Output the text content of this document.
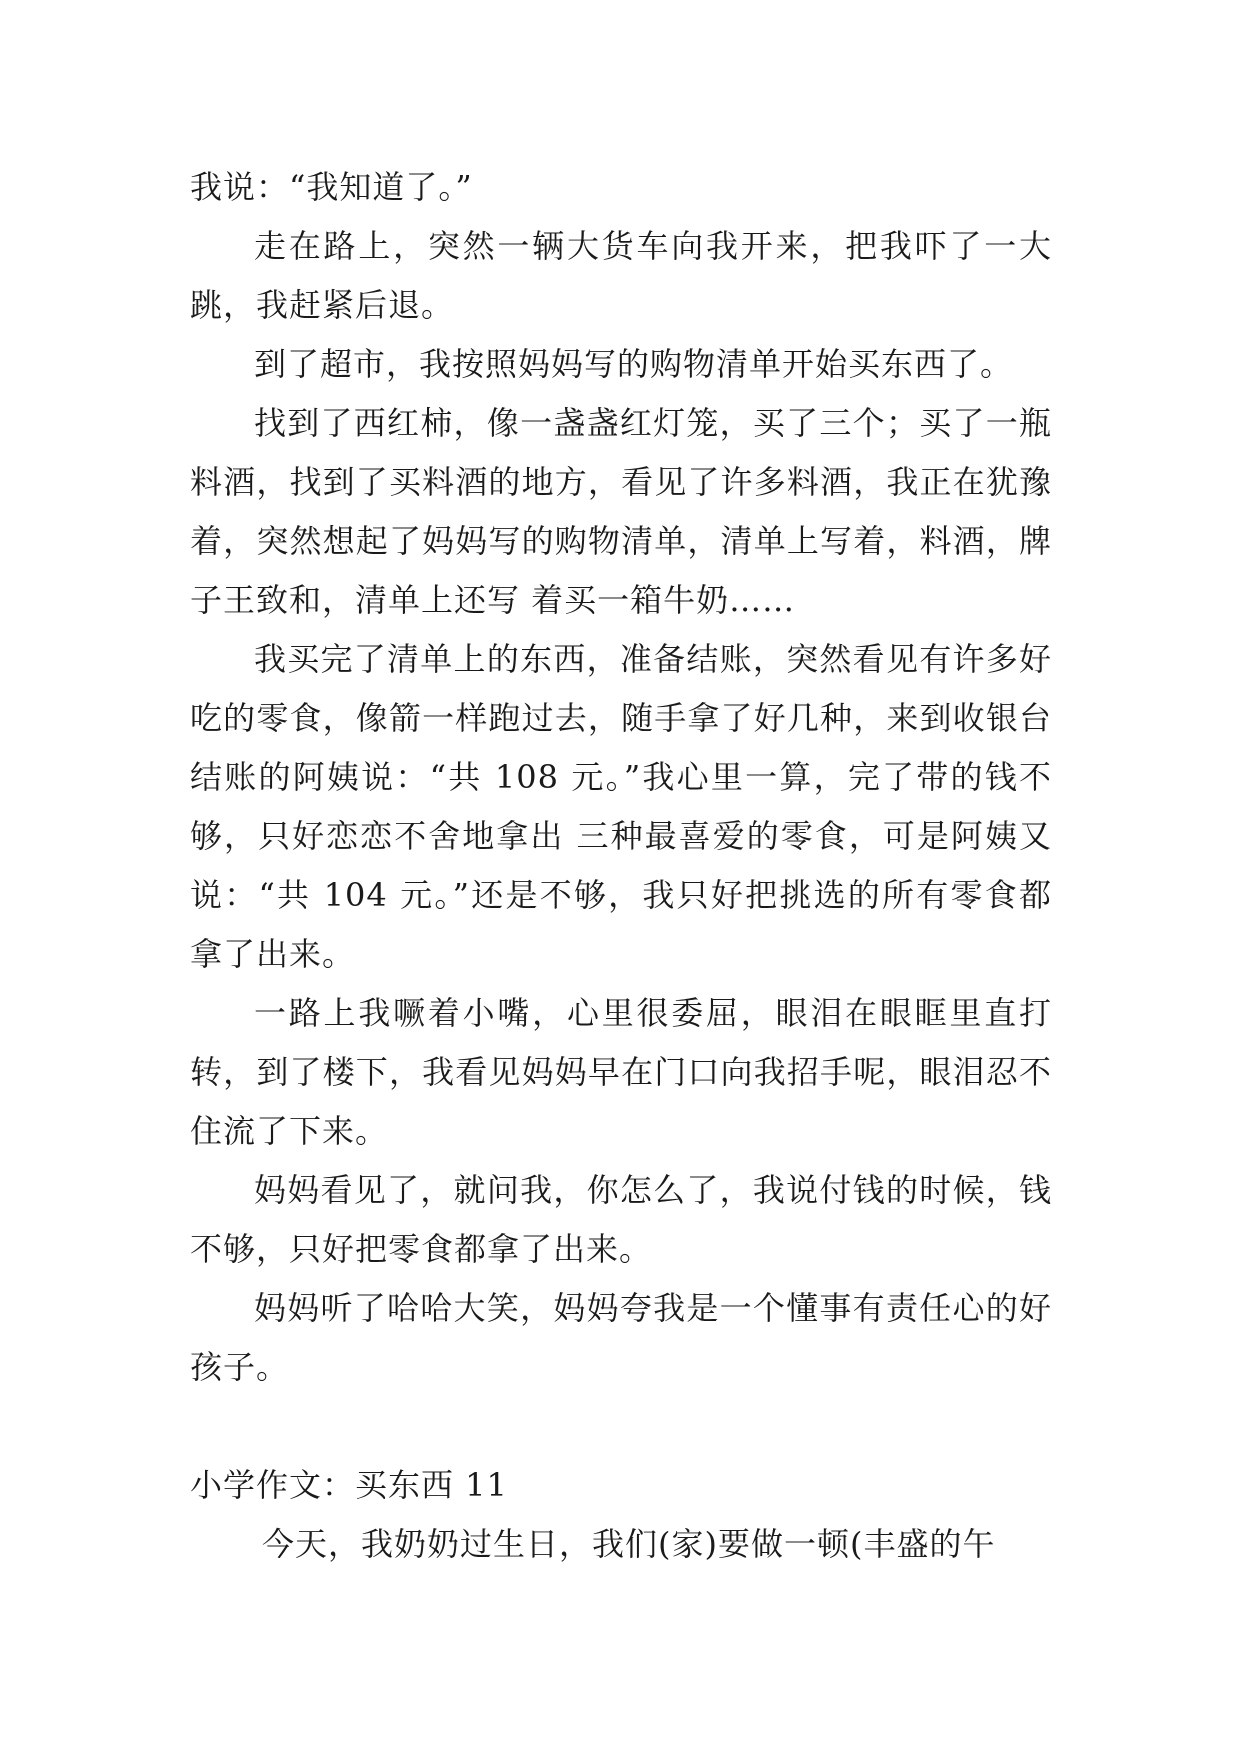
我说：“我知道了。”

走在路上，突然一辆大货车向我开来，把我吓了一大跳，我赶紧后退。

到了超市，我按照妈妈写的购物清单开始买东西了。

找到了西红柿，像一盏盏红灯笼，买了三个；买了一瓶料酒，找到了买料酒的地方，看见了许多料酒，我正在犹豫着，突然想起了妈妈写的购物清单，清单上写着，料酒，牌子王致和，清单上还写 着买一箱牛奶……

我买完了清单上的东西，准备结账，突然看见有许多好吃的零食，像箭一样跑过去，随手拿了好几种，来到收银台结账的阿姨说：“共 108 元。”我心里一算，完了带的钱不够，只好恋恋不舍地拿出 三种最喜爱的零食，可是阿姨又说：“共 104 元。”还是不够，我只好把挑选的所有零食都拿了出来。

一路上我噘着小嘴，心里很委屈，眼泪在眼眶里直打转，到了楼下，我看见妈妈早在门口向我招手呢，眼泪忍不住流了下来。

妈妈看见了，就问我，你怎么了，我说付钱的时候，钱不够，只好把零食都拿了出来。

妈妈听了哈哈大笑，妈妈夸我是一个懂事有责任心的好孩子。

小学作文：买东西 11

今天，我奶奶过生日，我们(家)要做一顿(丰盛的午
